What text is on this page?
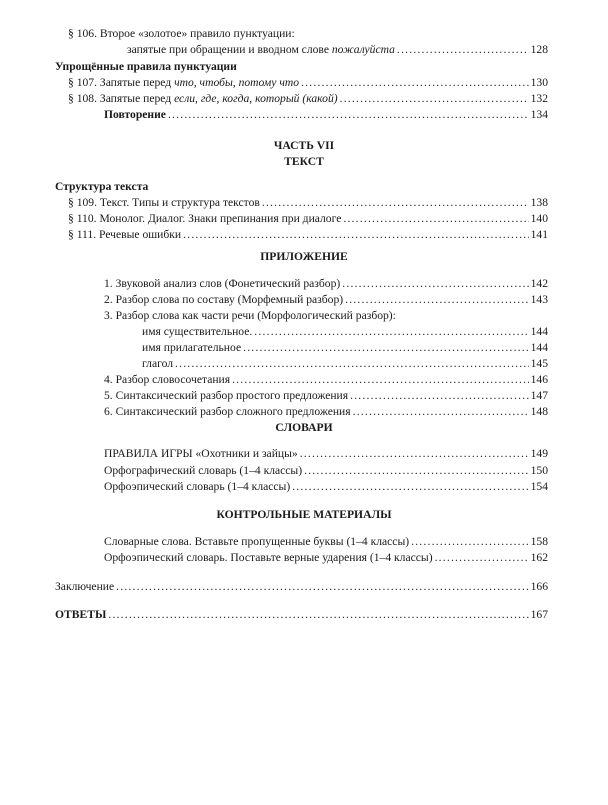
§ 106. Второе «золотое» правило пунктуации:
запятые при обращении и вводном слове пожалуйста .....	128
Упрощённые правила пунктуации
§ 107. Запятые перед что, чтобы, потому что .....	130
§ 108. Запятые перед если, где, когда, который (какой) .....	132
Повторение .....	134
ЧАСТЬ VII
ТЕКСТ
Структура текста
§ 109. Текст. Типы и структура текстов .....	138
§ 110. Монолог. Диалог. Знаки препинания при диалоге .....	140
§ 111. Речевые ошибки .....	141
ПРИЛОЖЕНИЕ
1. Звуковой анализ слов (Фонетический разбор) .....	142
2. Разбор слова по составу (Морфемный разбор) .....	143
3. Разбор слова как части речи (Морфологический разбор):
имя существительное. .....	144
имя прилагательное .....	144
глагол .....	145
4. Разбор словосочетания .....	146
5. Синтаксический разбор простого предложения .....	147
6. Синтаксический разбор сложного предложения .....	148
СЛОВАРИ
ПРАВИЛА ИГРЫ «Охотники и зайцы» .....	149
Орфографический словарь (1–4 классы) .....	150
Орфоэпический словарь (1–4 классы) .....	154
КОНТРОЛЬНЫЕ МАТЕРИАЛЫ
Словарные слова. Вставьте пропущенные буквы (1–4 классы) .....	158
Орфоэпический словарь. Поставьте верные ударения (1–4 классы) .....	162
Заключение .....	166
ОТВЕТЫ .....	167
